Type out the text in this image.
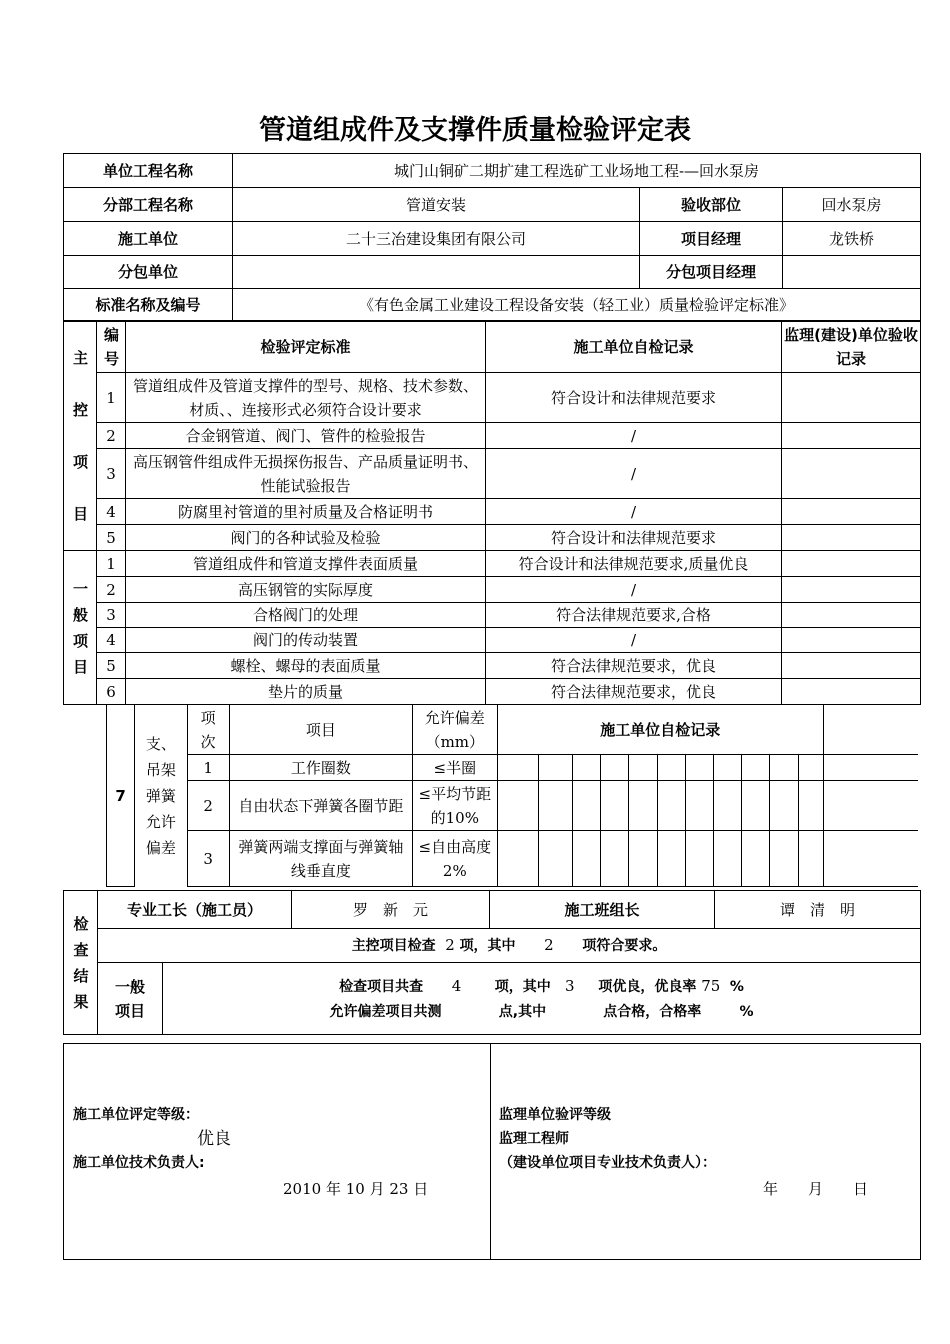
管道组成件及支撑件质量检验评定表
单位工程名称	城门山铜矿二期扩建工程选矿工业场地工程-—回水泵房		
分部工程名称	管道安装	验收部位	回水泵房
施工单位	二十三冶建设集团有限公司	项目经理	龙铁桥
分包单位		分包项目经理	
标准名称及编号	《有色金属工业建设工程设备安装（轻工业）质量检验评定标准》		
主控项目	编号	检验评定标准	施工单位自检记录	监理(建设)单位验收记录
	1	管道组成件及管道支撑件的型号、规格、技术参数、材质、、连接形式必须符合设计要求	符合设计和法律规范要求	
	2	合金钢管道、阀门、管件的检验报告	/	
	3	高压钢管件组成件无损探伤报告、产品质量证明书、性能试验报告	/	
	4	防腐里衬管道的里衬质量及合格证明书	/	
	5	阀门的各种试验及检验	符合设计和法律规范要求	
一般项目	1	管道组成件和管道支撑件表面质量	符合设计和法律规范要求,质量优良	
	2	高压钢管的实际厚度	/	
	3	合格阀门的处理	符合法律规范要求,合格	
	4	阀门的传动装置	/	
	5	螺栓、螺母的表面质量	符合法律规范要求，优良	
	6	垫片的质量	符合法律规范要求，优良	
7	支、吊架弹簧允许偏差	项次	项目	允许偏差（mm）	施工单位自检记录											
		1	工作圈数	≤半圈												
		2	自由状态下弹簧各圈节距	≤平均节距的10%												
		3	弹簧两端支撑面与弹簧轴线垂直度	≤自由高度2%												
检查结果	专业工长（施工员）		罗　新　元	施工班组长	谭　清　明
	主控项目检查 2 项，其中 2 项符合要求。				
	一般项目	检查项目共查 4 项，其中 3 项优良，优良率 75 %
允许偏差项目共测 点,其中 点合格，合格率 %			

施工单位评定等级：
优良
施工单位技术负责人:
2010 年 10 月 23 日
监理单位验评等级
监理工程师
（建设单位项目专业技术负责人）：
年　　月　　日
